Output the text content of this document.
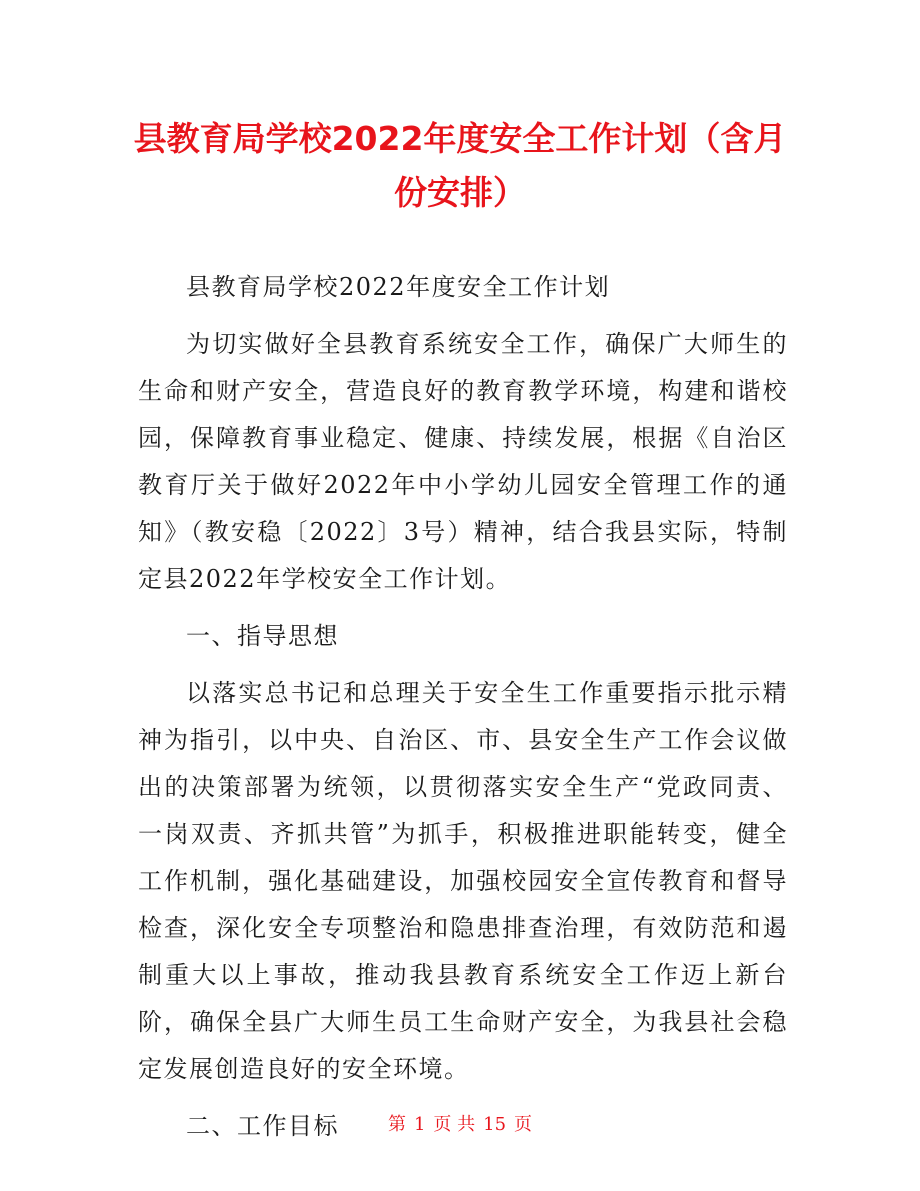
县教育局学校2022年度安全工作计划（含月份安排）

县教育局学校2022年度安全工作计划

为切实做好全县教育系统安全工作，确保广大师生的生命和财产安全，营造良好的教育教学环境，构建和谐校园，保障教育事业稳定、健康、持续发展，根据《自治区教育厅关于做好2022年中小学幼儿园安全管理工作的通知》（教安稳〔2022〕3号）精神，结合我县实际，特制定县2022年学校安全工作计划。

一、指导思想

以落实总书记和总理关于安全生工作重要指示批示精神为指引，以中央、自治区、市、县安全生产工作会议做出的决策部署为统领，以贯彻落实安全生产“党政同责、一岗双责、齐抓共管”为抓手，积极推进职能转变，健全工作机制，强化基础建设，加强校园安全宣传教育和督导检查，深化安全专项整治和隐患排查治理，有效防范和遏制重大以上事故，推动我县教育系统安全工作迈上新台阶，确保全县广大师生员工生命财产安全，为我县社会稳定发展创造良好的安全环境。

二、工作目标	第 1 页 共 15 页
